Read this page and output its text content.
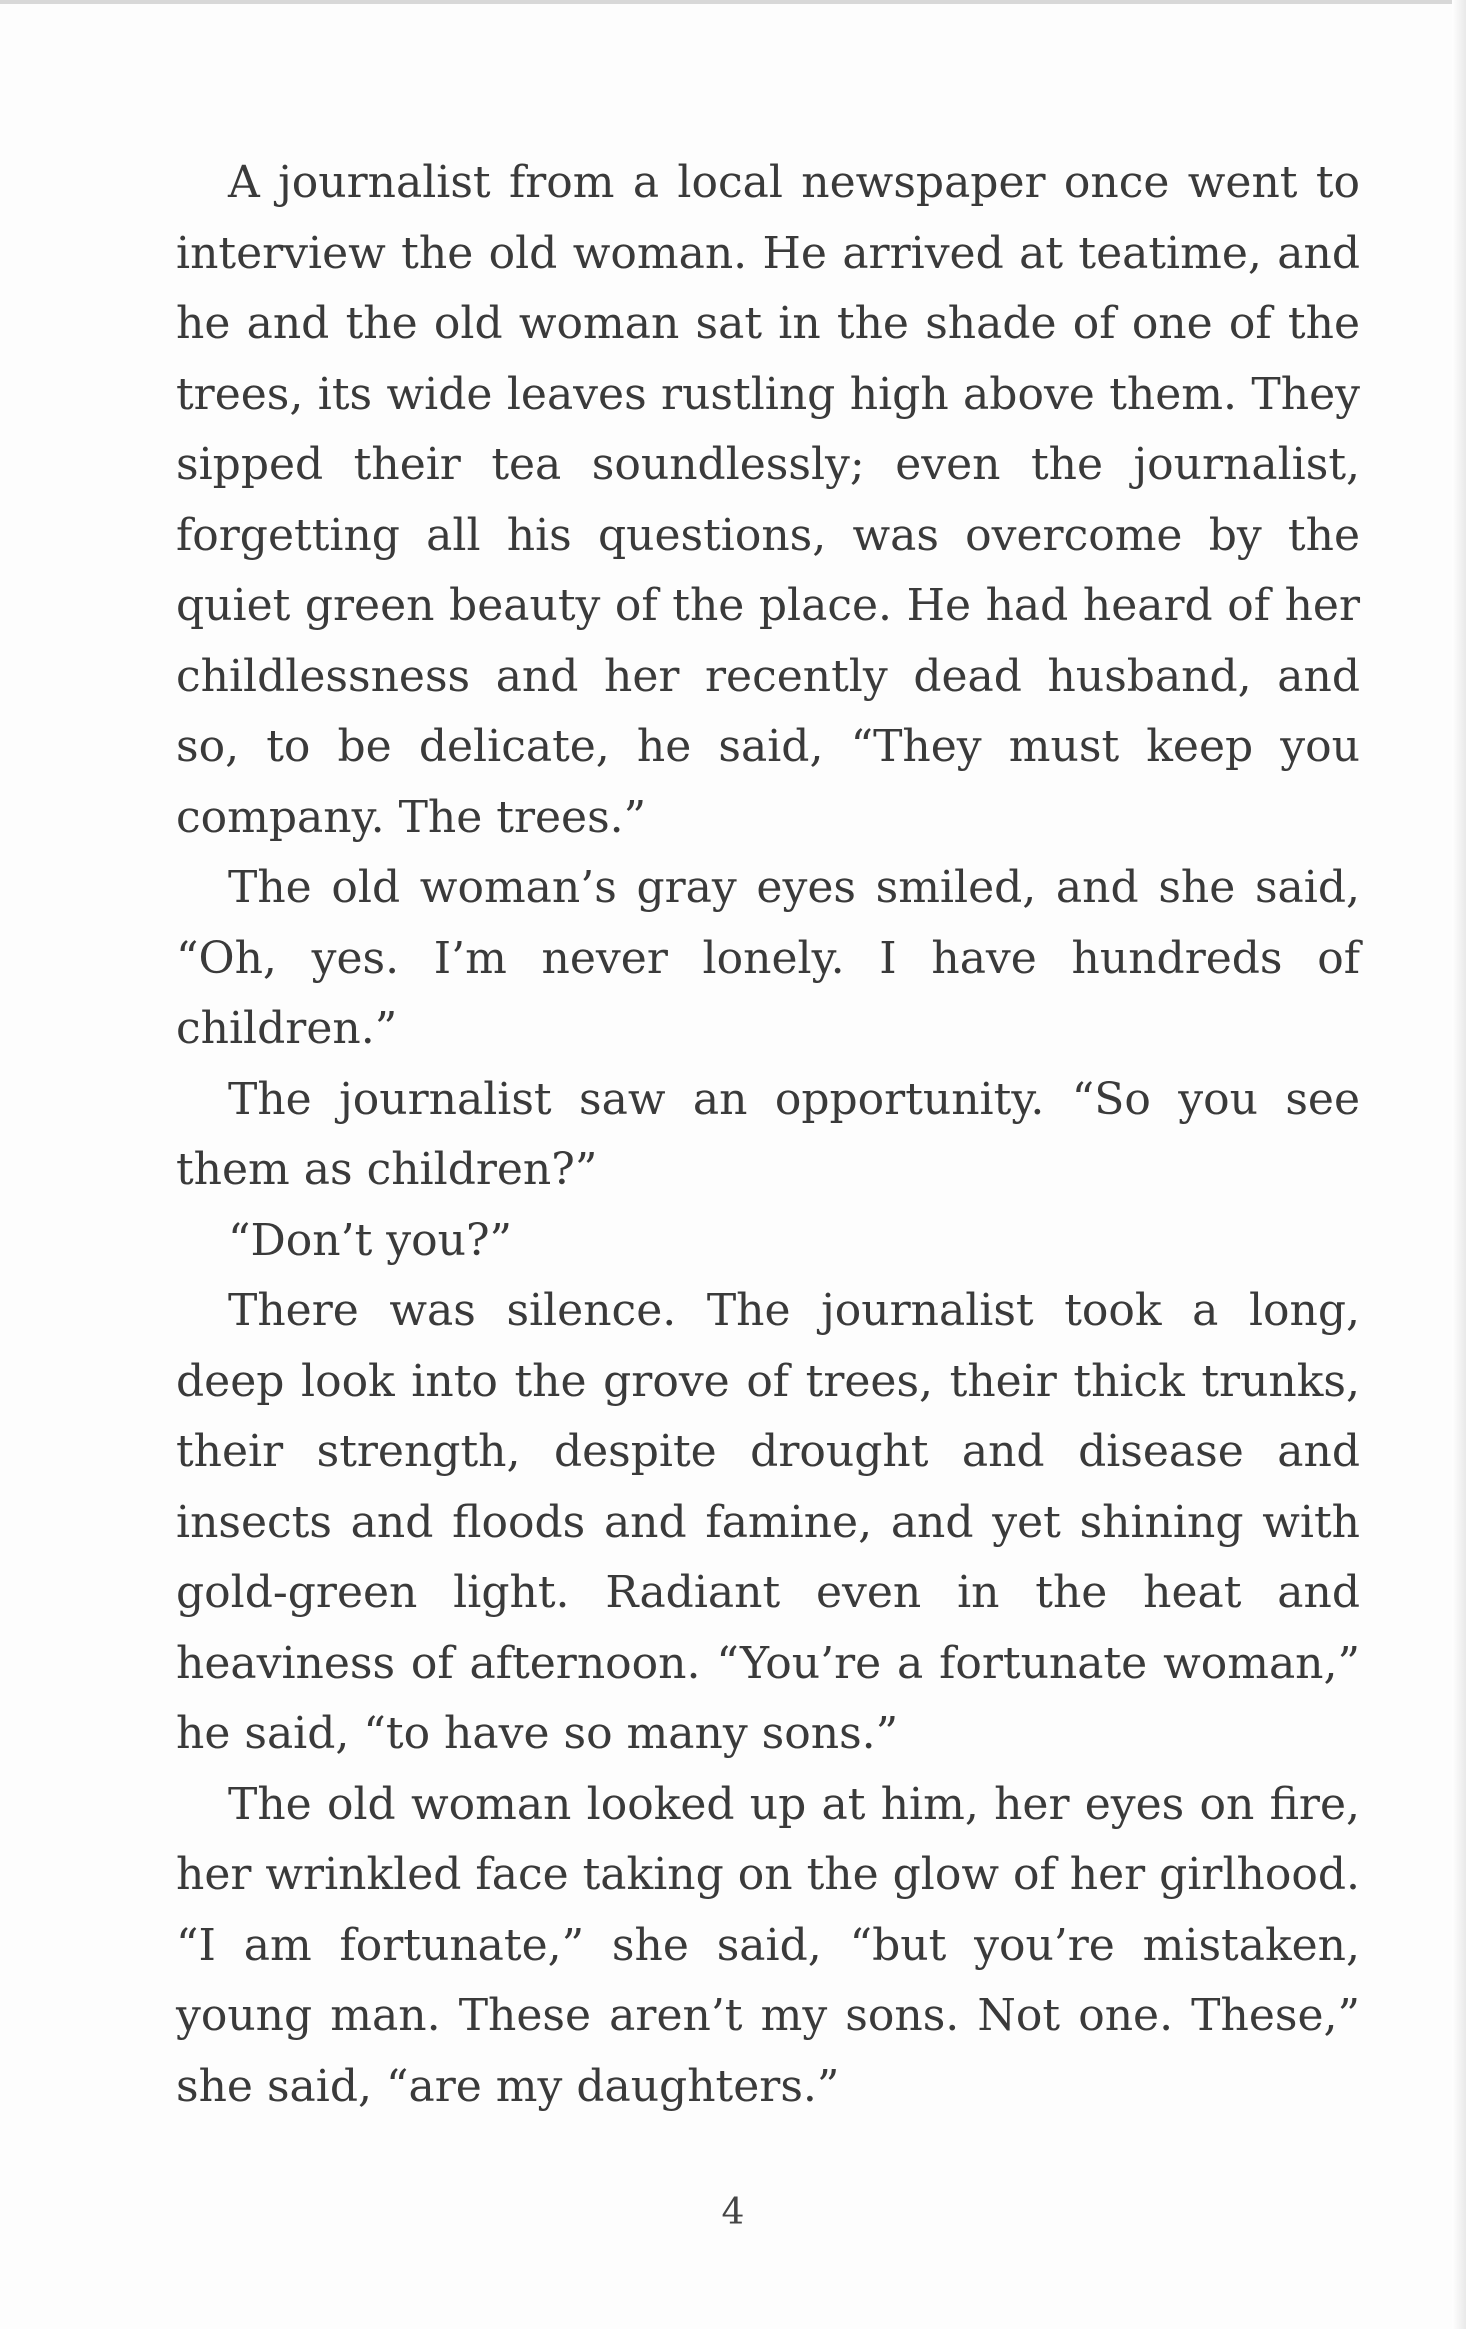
A journalist from a local newspaper once went to interview the old woman. He arrived at teatime, and he and the old woman sat in the shade of one of the trees, its wide leaves rustling high above them. They sipped their tea soundlessly; even the journalist, forgetting all his questions, was overcome by the quiet green beauty of the place. He had heard of her childlessness and her recently dead husband, and so, to be delicate, he said, “They must keep you company. The trees.”

The old woman’s gray eyes smiled, and she said, “Oh, yes. I’m never lonely. I have hundreds of children.”

The journalist saw an opportunity. “So you see them as children?”

“Don’t you?”

There was silence. The journalist took a long, deep look into the grove of trees, their thick trunks, their strength, despite drought and disease and insects and floods and famine, and yet shining with gold-green light. Radiant even in the heat and heaviness of afternoon. “You’re a fortunate woman,” he said, “to have so many sons.”

The old woman looked up at him, her eyes on fire, her wrinkled face taking on the glow of her girlhood. “I am fortunate,” she said, “but you’re mistaken, young man. These aren’t my sons. Not one. These,” she said, “are my daughters.”

4
